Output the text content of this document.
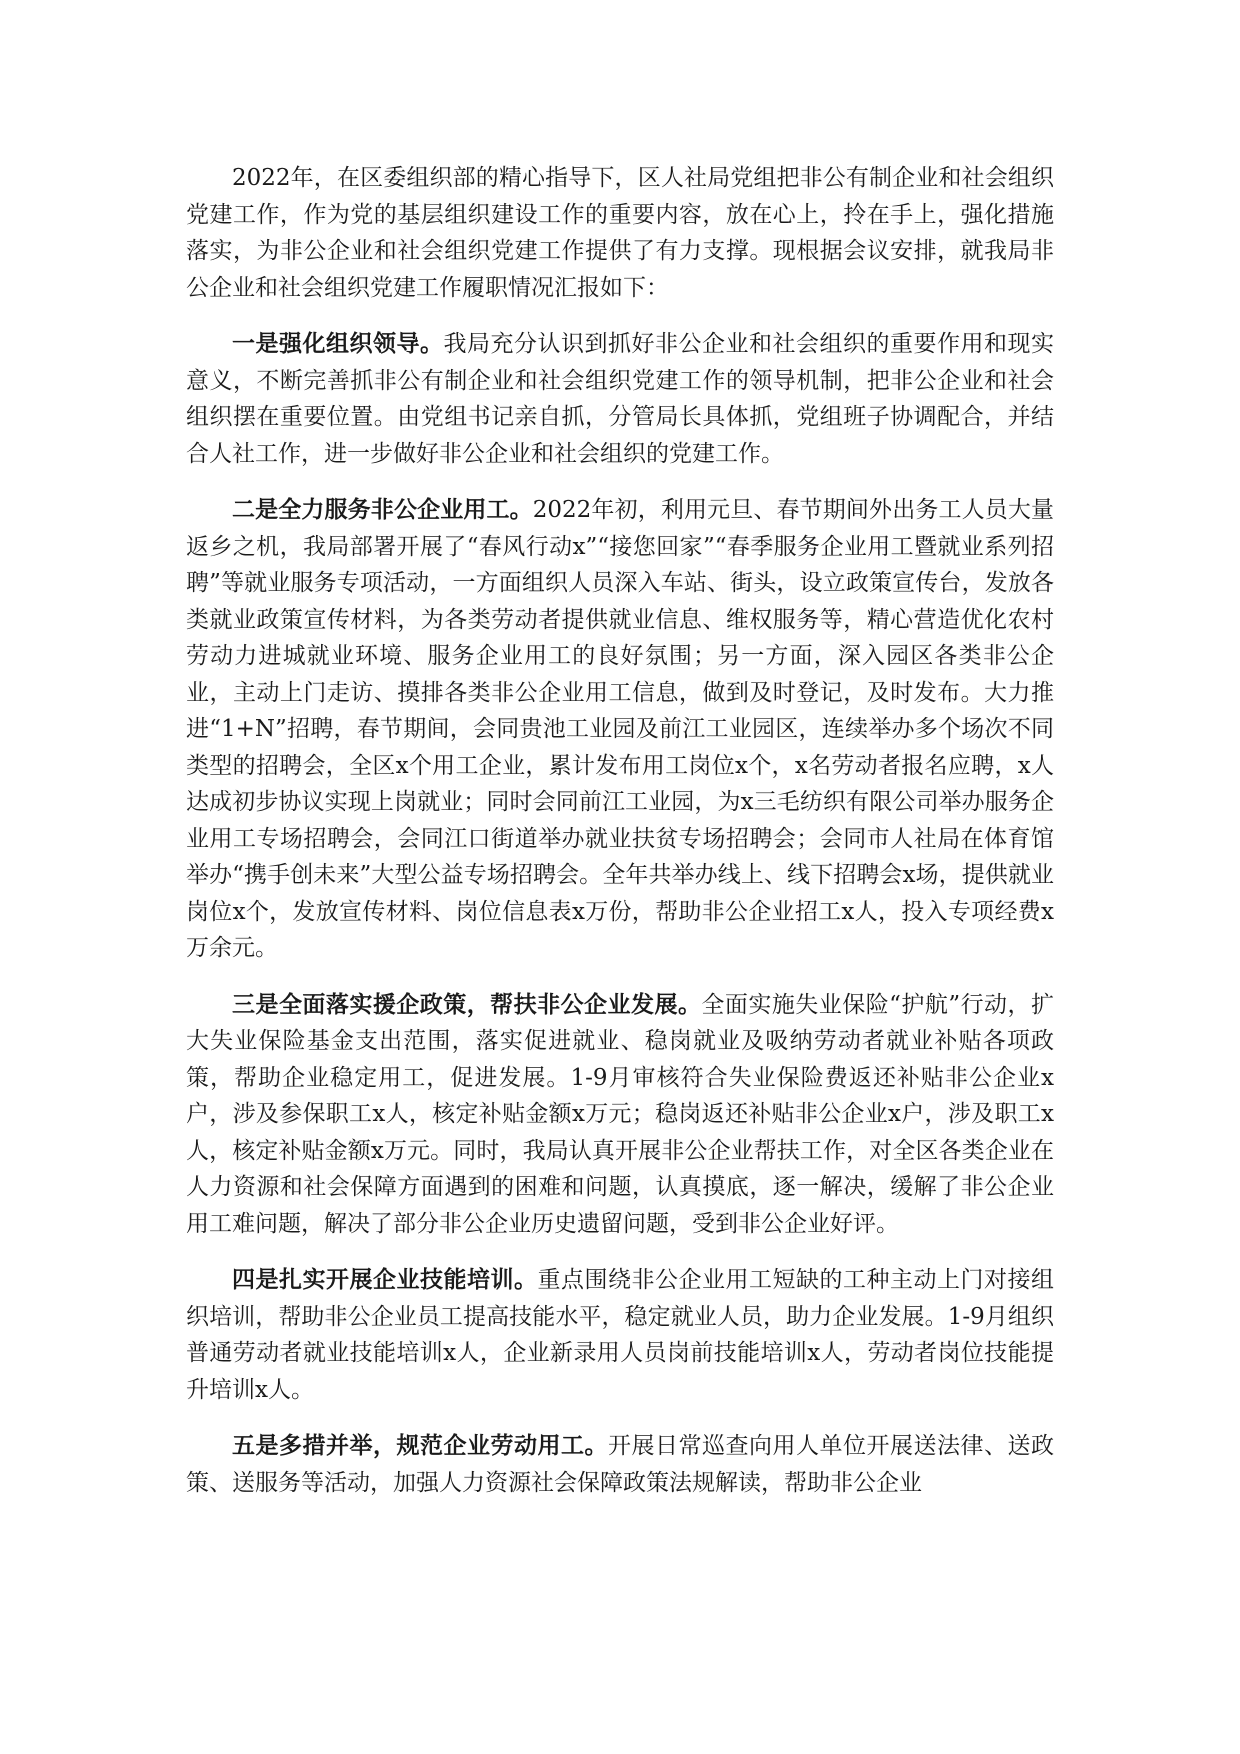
2022年，在区委组织部的精心指导下，区人社局党组把非公有制企业和社会组织党建工作，作为党的基层组织建设工作的重要内容，放在心上，拎在手上，强化措施落实，为非公企业和社会组织党建工作提供了有力支撑。现根据会议安排，就我局非公企业和社会组织党建工作履职情况汇报如下：

一是强化组织领导。我局充分认识到抓好非公企业和社会组织的重要作用和现实意义，不断完善抓非公有制企业和社会组织党建工作的领导机制，把非公企业和社会组织摆在重要位置。由党组书记亲自抓，分管局长具体抓，党组班子协调配合，并结合人社工作，进一步做好非公企业和社会组织的党建工作。

二是全力服务非公企业用工。2022年初，利用元旦、春节期间外出务工人员大量返乡之机，我局部署开展了“春风行动x”“接您回家”“春季服务企业用工暨就业系列招聘”等就业服务专项活动，一方面组织人员深入车站、街头，设立政策宣传台，发放各类就业政策宣传材料，为各类劳动者提供就业信息、维权服务等，精心营造优化农村劳动力进城就业环境、服务企业用工的良好氛围；另一方面，深入园区各类非公企业，主动上门走访、摸排各类非公企业用工信息，做到及时登记，及时发布。大力推进“1+N”招聘，春节期间，会同贵池工业园及前江工业园区，连续举办多个场次不同类型的招聘会，全区x个用工企业，累计发布用工岗位x个，x名劳动者报名应聘，x人达成初步协议实现上岗就业；同时会同前江工业园，为x三毛纺织有限公司举办服务企业用工专场招聘会，会同江口街道举办就业扶贫专场招聘会；会同市人社局在体育馆举办“携手创未来”大型公益专场招聘会。全年共举办线上、线下招聘会x场，提供就业岗位x个，发放宣传材料、岗位信息表x万份，帮助非公企业招工x人，投入专项经费x万余元。

三是全面落实援企政策，帮扶非公企业发展。全面实施失业保险“护航”行动，扩大失业保险基金支出范围，落实促进就业、稳岗就业及吸纳劳动者就业补贴各项政策，帮助企业稳定用工，促进发展。1-9月审核符合失业保险费返还补贴非公企业x户，涉及参保职工x人，核定补贴金额x万元；稳岗返还补贴非公企业x户，涉及职工x人，核定补贴金额x万元。同时，我局认真开展非公企业帮扶工作，对全区各类企业在人力资源和社会保障方面遇到的困难和问题，认真摸底，逐一解决，缓解了非公企业用工难问题，解决了部分非公企业历史遗留问题，受到非公企业好评。

四是扎实开展企业技能培训。重点围绕非公企业用工短缺的工种主动上门对接组织培训，帮助非公企业员工提高技能水平，稳定就业人员，助力企业发展。1-9月组织普通劳动者就业技能培训x人，企业新录用人员岗前技能培训x人，劳动者岗位技能提升培训x人。

五是多措并举，规范企业劳动用工。开展日常巡查向用人单位开展送法律、送政策、送服务等活动，加强人力资源社会保障政策法规解读，帮助非公企业
